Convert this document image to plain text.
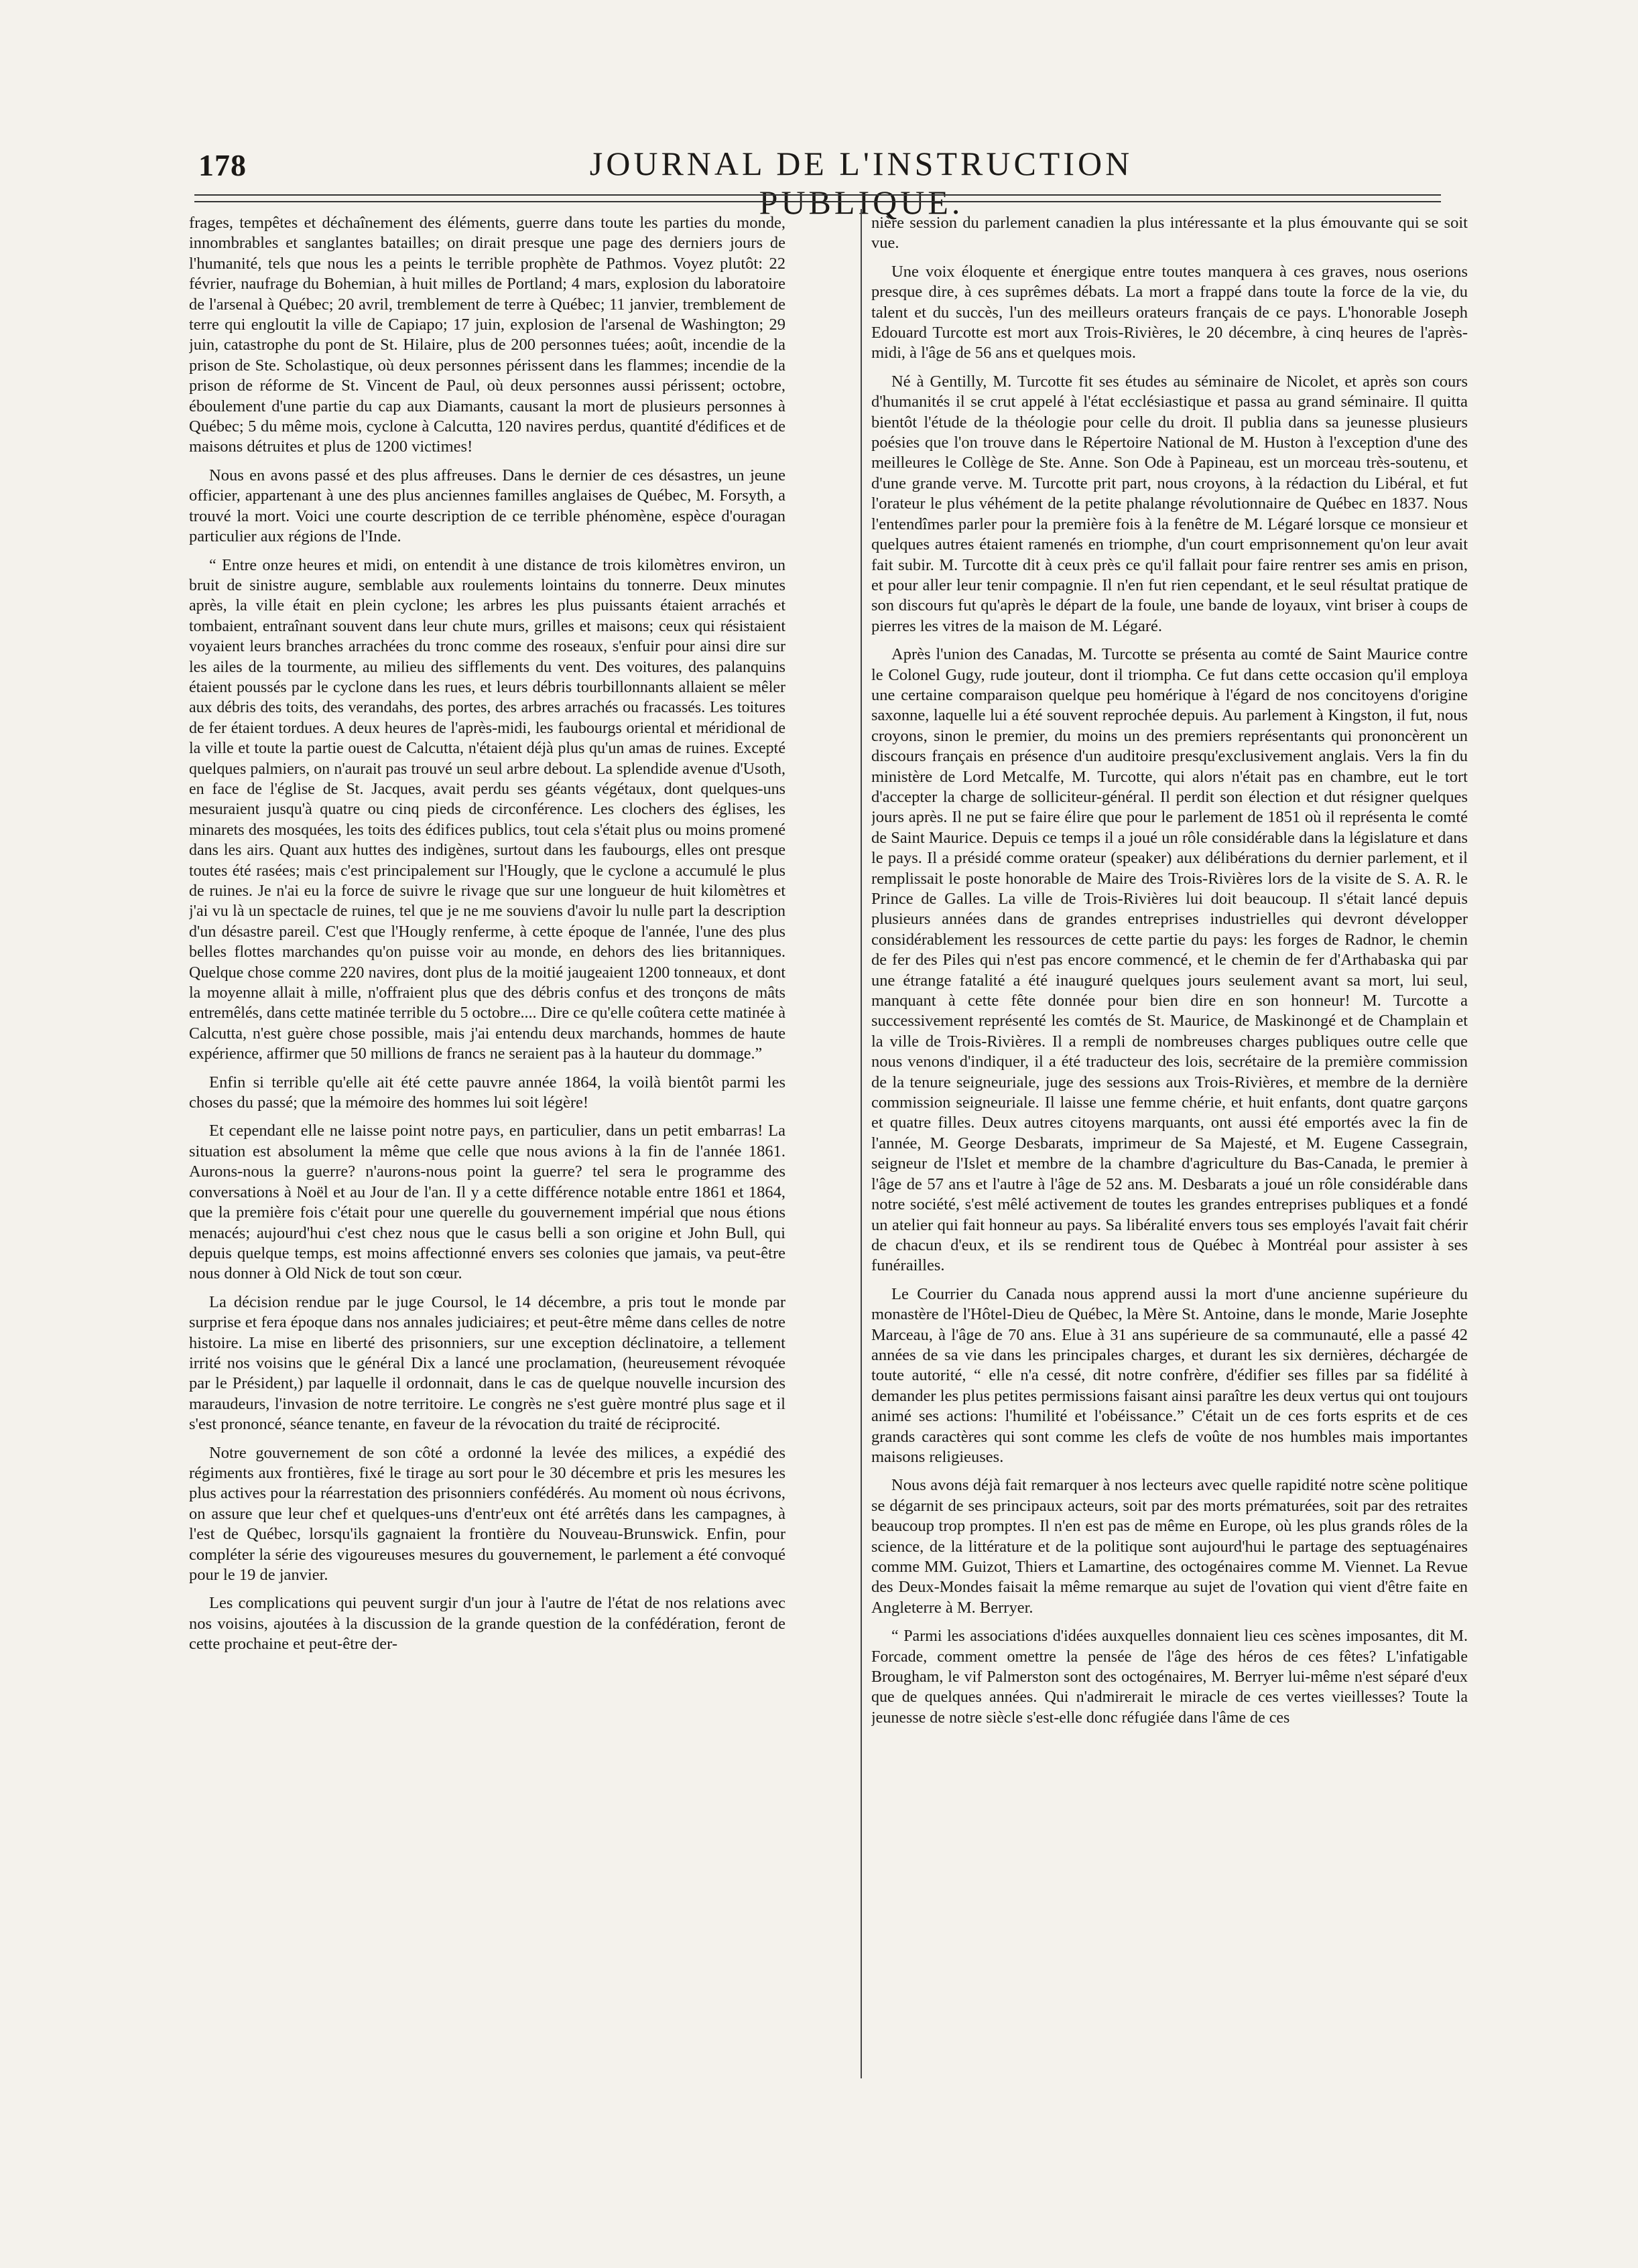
178	JOURNAL DE L'INSTRUCTION PUBLIQUE.

frages, tempêtes et déchaînement des éléments, guerre dans toute les parties du monde, innombrables et sanglantes batailles; on dirait presque une page des derniers jours de l'humanité, tels que nous les a peints le terrible prophète de Pathmos. Voyez plutôt: 22 février, naufrage du Bohemian, à huit milles de Portland; 4 mars, explosion du laboratoire de l'arsenal à Québec; 20 avril, tremblement de terre à Québec; 11 janvier, tremblement de terre qui engloutit la ville de Capiapo; 17 juin, explosion de l'arsenal de Washington; 29 juin, catastrophe du pont de St. Hilaire, plus de 200 personnes tuées; août, incendie de la prison de Ste. Scholastique, où deux personnes périssent dans les flammes; incendie de la prison de réforme de St. Vincent de Paul, où deux personnes aussi périssent; octobre, éboulement d'une partie du cap aux Diamants, causant la mort de plusieurs personnes à Québec; 5 du même mois, cyclone à Calcutta, 120 navires perdus, quantité d'édifices et de maisons détruites et plus de 1200 victimes!

Nous en avons passé et des plus affreuses. Dans le dernier de ces désastres, un jeune officier, appartenant à une des plus anciennes familles anglaises de Québec, M. Forsyth, a trouvé la mort. Voici une courte description de ce terrible phénomène, espèce d'ouragan particulier aux régions de l'Inde.

“ Entre onze heures et midi, on entendit à une distance de trois kilomètres environ, un bruit de sinistre augure, semblable aux roulements lointains du tonnerre. Deux minutes après, la ville était en plein cyclone; les arbres les plus puissants étaient arrachés et tombaient, entraînant souvent dans leur chute murs, grilles et maisons; ceux qui résistaient voyaient leurs branches arrachées du tronc comme des roseaux, s'enfuir pour ainsi dire sur les ailes de la tourmente, au milieu des sifflements du vent. Des voitures, des palanquins étaient poussés par le cyclone dans les rues, et leurs débris tourbillonnants allaient se mêler aux débris des toits, des verandahs, des portes, des arbres arrachés ou fracassés. Les toitures de fer étaient tordues. A deux heures de l'après-midi, les faubourgs oriental et méridional de la ville et toute la partie ouest de Calcutta, n'étaient déjà plus qu'un amas de ruines. Excepté quelques palmiers, on n'aurait pas trouvé un seul arbre debout. La splendide avenue d'Usoth, en face de l'église de St. Jacques, avait perdu ses géants végétaux, dont quelques-uns mesuraient jusqu'à quatre ou cinq pieds de circonférence. Les clochers des églises, les minarets des mosquées, les toits des édifices publics, tout cela s'était plus ou moins promené dans les airs. Quant aux huttes des indigènes, surtout dans les faubourgs, elles ont presque toutes été rasées; mais c'est principalement sur l'Hougly, que le cyclone a accumulé le plus de ruines. Je n'ai eu la force de suivre le rivage que sur une longueur de huit kilomètres et j'ai vu là un spectacle de ruines, tel que je ne me souviens d'avoir lu nulle part la description d'un désastre pareil. C'est que l'Hougly renferme, à cette époque de l'année, l'une des plus belles flottes marchandes qu'on puisse voir au monde, en dehors des lies britanniques. Quelque chose comme 220 navires, dont plus de la moitié jaugeaient 1200 tonneaux, et dont la moyenne allait à mille, n'offraient plus que des débris confus et des tronçons de mâts entremêlés, dans cette matinée terrible du 5 octobre.... Dire ce qu'elle coûtera cette matinée à Calcutta, n'est guère chose possible, mais j'ai entendu deux marchands, hommes de haute expérience, affirmer que 50 millions de francs ne seraient pas à la hauteur du dommage.”

Enfin si terrible qu'elle ait été cette pauvre année 1864, la voilà bientôt parmi les choses du passé; que la mémoire des hommes lui soit légère!

Et cependant elle ne laisse point notre pays, en particulier, dans un petit embarras! La situation est absolument la même que celle que nous avions à la fin de l'année 1861. Aurons-nous la guerre? n'aurons-nous point la guerre? tel sera le programme des conversations à Noël et au Jour de l'an. Il y a cette différence notable entre 1861 et 1864, que la première fois c'était pour une querelle du gouvernement impérial que nous étions menacés; aujourd'hui c'est chez nous que le casus belli a son origine et John Bull, qui depuis quelque temps, est moins affectionné envers ses colonies que jamais, va peut-être nous donner à Old Nick de tout son cœur.

La décision rendue par le juge Coursol, le 14 décembre, a pris tout le monde par surprise et fera époque dans nos annales judiciaires; et peut-être même dans celles de notre histoire. La mise en liberté des prisonniers, sur une exception déclinatoire, a tellement irrité nos voisins que le général Dix a lancé une proclamation, (heureusement révoquée par le Président,) par laquelle il ordonnait, dans le cas de quelque nouvelle incursion des maraudeurs, l'invasion de notre territoire. Le congrès ne s'est guère montré plus sage et il s'est prononcé, séance tenante, en faveur de la révocation du traité de réciprocité.

Notre gouvernement de son côté a ordonné la levée des milices, a expédié des régiments aux frontières, fixé le tirage au sort pour le 30 décembre et pris les mesures les plus actives pour la réarrestation des prisonniers confédérés. Au moment où nous écrivons, on assure que leur chef et quelques-uns d'entr'eux ont été arrêtés dans les campagnes, à l'est de Québec, lorsqu'ils gagnaient la frontière du Nouveau-Brunswick. Enfin, pour compléter la série des vigoureuses mesures du gouvernement, le parlement a été convoqué pour le 19 de janvier.

Les complications qui peuvent surgir d'un jour à l'autre de l'état de nos relations avec nos voisins, ajoutées à la discussion de la grande question de la confédération, feront de cette prochaine et peut-être der-

nière session du parlement canadien la plus intéressante et la plus émouvante qui se soit vue.

Une voix éloquente et énergique entre toutes manquera à ces graves, nous oserions presque dire, à ces suprêmes débats. La mort a frappé dans toute la force de la vie, du talent et du succès, l'un des meilleurs orateurs français de ce pays. L'honorable Joseph Edouard Turcotte est mort aux Trois-Rivières, le 20 décembre, à cinq heures de l'après-midi, à l'âge de 56 ans et quelques mois.

Né à Gentilly, M. Turcotte fit ses études au séminaire de Nicolet, et après son cours d'humanités il se crut appelé à l'état ecclésiastique et passa au grand séminaire. Il quitta bientôt l'étude de la théologie pour celle du droit. Il publia dans sa jeunesse plusieurs poésies que l'on trouve dans le Répertoire National de M. Huston à l'exception d'une des meilleures le Collège de Ste. Anne. Son Ode à Papineau, est un morceau très-soutenu, et d'une grande verve. M. Turcotte prit part, nous croyons, à la rédaction du Libéral, et fut l'orateur le plus véhément de la petite phalange révolutionnaire de Québec en 1837. Nous l'entendîmes parler pour la première fois à la fenêtre de M. Légaré lorsque ce monsieur et quelques autres étaient ramenés en triomphe, d'un court emprisonnement qu'on leur avait fait subir. M. Turcotte dit à ceux près ce qu'il fallait pour faire rentrer ses amis en prison, et pour aller leur tenir compagnie. Il n'en fut rien cependant, et le seul résultat pratique de son discours fut qu'après le départ de la foule, une bande de loyaux, vint briser à coups de pierres les vitres de la maison de M. Légaré.

Après l'union des Canadas, M. Turcotte se présenta au comté de Saint Maurice contre le Colonel Gugy, rude jouteur, dont il triompha. Ce fut dans cette occasion qu'il employa une certaine comparaison quelque peu homérique à l'égard de nos concitoyens d'origine saxonne, laquelle lui a été souvent reprochée depuis. Au parlement à Kingston, il fut, nous croyons, sinon le premier, du moins un des premiers représentants qui prononcèrent un discours français en présence d'un auditoire presqu'exclusivement anglais. Vers la fin du ministère de Lord Metcalfe, M. Turcotte, qui alors n'était pas en chambre, eut le tort d'accepter la charge de solliciteur-général. Il perdit son élection et dut résigner quelques jours après. Il ne put se faire élire que pour le parlement de 1851 où il représenta le comté de Saint Maurice. Depuis ce temps il a joué un rôle considérable dans la législature et dans le pays. Il a présidé comme orateur (speaker) aux délibérations du dernier parlement, et il remplissait le poste honorable de Maire des Trois-Rivières lors de la visite de S. A. R. le Prince de Galles. La ville de Trois-Rivières lui doit beaucoup. Il s'était lancé depuis plusieurs années dans de grandes entreprises industrielles qui devront développer considérablement les ressources de cette partie du pays: les forges de Radnor, le chemin de fer des Piles qui n'est pas encore commencé, et le chemin de fer d'Arthabaska qui par une étrange fatalité a été inauguré quelques jours seulement avant sa mort, lui seul, manquant à cette fête donnée pour bien dire en son honneur! M. Turcotte a successivement représenté les comtés de St. Maurice, de Maskinongé et de Champlain et la ville de Trois-Rivières. Il a rempli de nombreuses charges publiques outre celle que nous venons d'indiquer, il a été traducteur des lois, secrétaire de la première commission de la tenure seigneuriale, juge des sessions aux Trois-Rivières, et membre de la dernière commission seigneuriale. Il laisse une femme chérie, et huit enfants, dont quatre garçons et quatre filles. Deux autres citoyens marquants, ont aussi été emportés avec la fin de l'année, M. George Desbarats, imprimeur de Sa Majesté, et M. Eugene Cassegrain, seigneur de l'Islet et membre de la chambre d'agriculture du Bas-Canada, le premier à l'âge de 57 ans et l'autre à l'âge de 52 ans. M. Desbarats a joué un rôle considérable dans notre société, s'est mêlé activement de toutes les grandes entreprises publiques et a fondé un atelier qui fait honneur au pays. Sa libéralité envers tous ses employés l'avait fait chérir de chacun d'eux, et ils se rendirent tous de Québec à Montréal pour assister à ses funérailles.

Le Courrier du Canada nous apprend aussi la mort d'une ancienne supérieure du monastère de l'Hôtel-Dieu de Québec, la Mère St. Antoine, dans le monde, Marie Josephte Marceau, à l'âge de 70 ans. Elue à 31 ans supérieure de sa communauté, elle a passé 42 années de sa vie dans les principales charges, et durant les six dernières, déchargée de toute autorité, “ elle n'a cessé, dit notre confrère, d'édifier ses filles par sa fidélité à demander les plus petites permissions faisant ainsi paraître les deux vertus qui ont toujours animé ses actions: l'humilité et l'obéissance.” C'était un de ces forts esprits et de ces grands caractères qui sont comme les clefs de voûte de nos humbles mais importantes maisons religieuses.

Nous avons déjà fait remarquer à nos lecteurs avec quelle rapidité notre scène politique se dégarnit de ses principaux acteurs, soit par des morts prématurées, soit par des retraites beaucoup trop promptes. Il n'en est pas de même en Europe, où les plus grands rôles de la science, de la littérature et de la politique sont aujourd'hui le partage des septuagénaires comme MM. Guizot, Thiers et Lamartine, des octogénaires comme M. Viennet. La Revue des Deux-Mondes faisait la même remarque au sujet de l'ovation qui vient d'être faite en Angleterre à M. Berryer.

“ Parmi les associations d'idées auxquelles donnaient lieu ces scènes imposantes, dit M. Forcade, comment omettre la pensée de l'âge des héros de ces fêtes? L'infatigable Brougham, le vif Palmerston sont des octogénaires, M. Berryer lui-même n'est séparé d'eux que de quelques années. Qui n'admirerait le miracle de ces vertes vieillesses? Toute la jeunesse de notre siècle s'est-elle donc réfugiée dans l'âme de ces
